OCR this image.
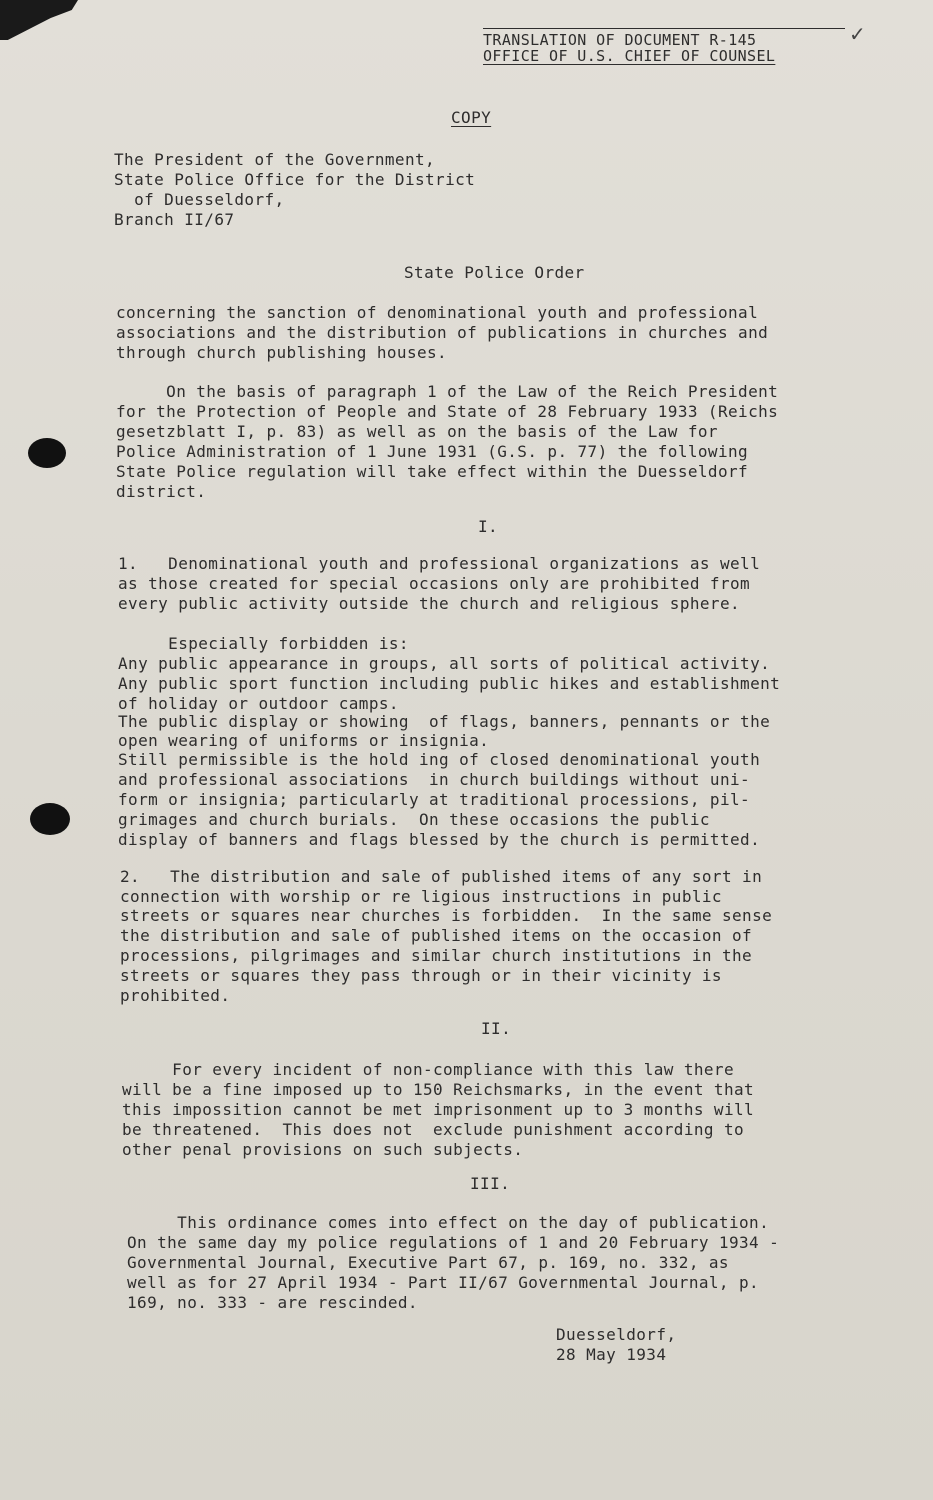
TRANSLATION OF DOCUMENT R-145
OFFICE OF U.S. CHIEF OF COUNSEL
✓
COPY
The President of the Government,
State Police Office for the District
of Duesseldorf,
Branch II/67
State Police Order
concerning the sanction of denominational youth and professional
associations and the distribution of publications in churches and
through church publishing houses.
On the basis of paragraph 1 of the Law of the Reich President
for the Protection of People and State of 28 February 1933 (Reichs
gesetzblatt I, p. 83) as well as on the basis of the Law for
Police Administration of 1 June 1931 (G.S. p. 77) the following
State Police regulation will take effect within the Duesseldorf
district.
I.
1.   Denominational youth and professional organizations as well
as those created for special occasions only are prohibited from
every public activity outside the church and religious sphere.
Especially forbidden is:
Any public appearance in groups, all sorts of political activity.
Any public sport function including public hikes and establishment
of holiday or outdoor camps.
The public display or showing  of flags, banners, pennants or the
open wearing of uniforms or insignia.
Still permissible is the hold ing of closed denominational youth
and professional associations  in church buildings without uni-
form or insignia; particularly at traditional processions, pil-
grimages and church burials.  On these occasions the public
display of banners and flags blessed by the church is permitted.
2.   The distribution and sale of published items of any sort in
connection with worship or re ligious instructions in public
streets or squares near churches is forbidden.  In the same sense
the distribution and sale of published items on the occasion of
processions, pilgrimages and similar church institutions in the
streets or squares they pass through or in their vicinity is
prohibited.
II.
For every incident of non-compliance with this law there
will be a fine imposed up to 150 Reichsmarks, in the event that
this impossition cannot be met imprisonment up to 3 months will
be threatened.  This does not  exclude punishment according to
other penal provisions on such subjects.
III.
This ordinance comes into effect on the day of publication.
On the same day my police regulations of 1 and 20 February 1934 -
Governmental Journal, Executive Part 67, p. 169, no. 332, as
well as for 27 April 1934 - Part II/67 Governmental Journal, p.
169, no. 333 - are rescinded.
Duesseldorf,
28 May 1934
